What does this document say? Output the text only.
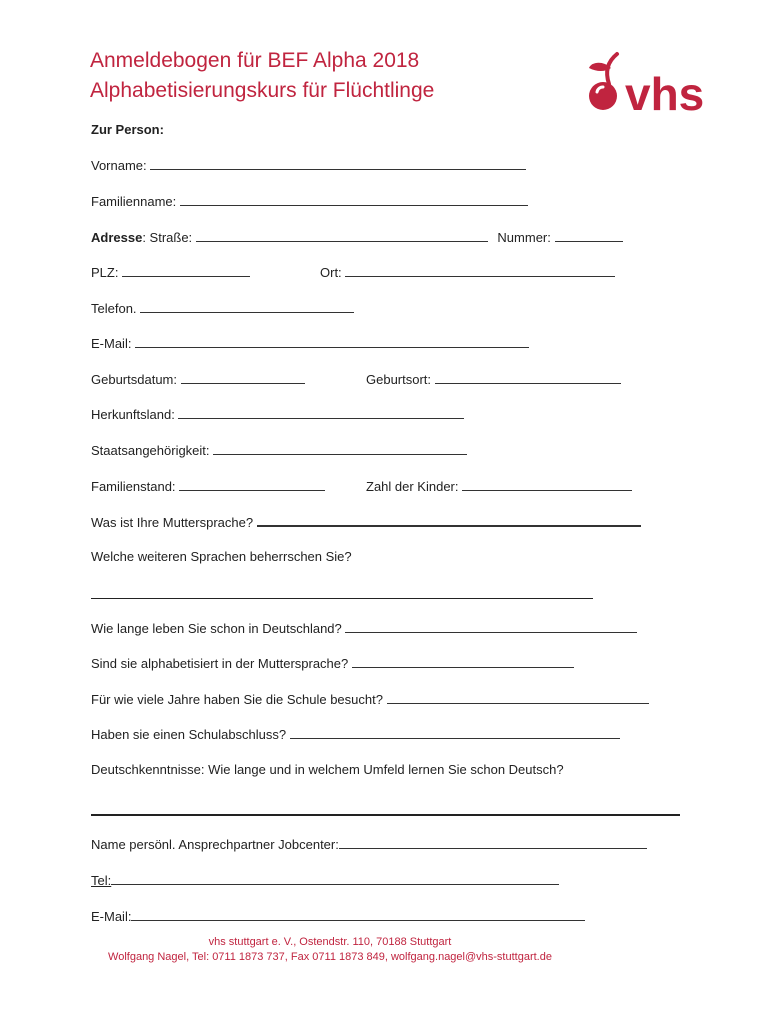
Anmeldebogen für BEF Alpha 2018
Alphabetisierungskurs für Flüchtlinge	vhs
Zur Person:
Vorname:
Familienname:
Adresse: Straße:	Nummer:
PLZ:	Ort:
Telefon.
E-Mail:
Geburtsdatum:	Geburtsort:
Herkunftsland:
Staatsangehörigkeit:
Familienstand:	Zahl der Kinder:
Was ist Ihre Muttersprache?
Welche weiteren Sprachen beherrschen Sie?
Wie lange leben Sie schon in Deutschland?
Sind sie alphabetisiert in der Muttersprache?
Für wie viele Jahre haben Sie die Schule besucht?
Haben sie einen Schulabschluss?
Deutschkenntnisse: Wie lange und in welchem Umfeld lernen Sie schon Deutsch?
Name persönl. Ansprechpartner Jobcenter:
Tel:
E-Mail:
vhs stuttgart e. V., Ostendstr. 110, 70188 Stuttgart
Wolfgang Nagel, Tel: 0711 1873 737, Fax 0711 1873 849, wolfgang.nagel@vhs-stuttgart.de
